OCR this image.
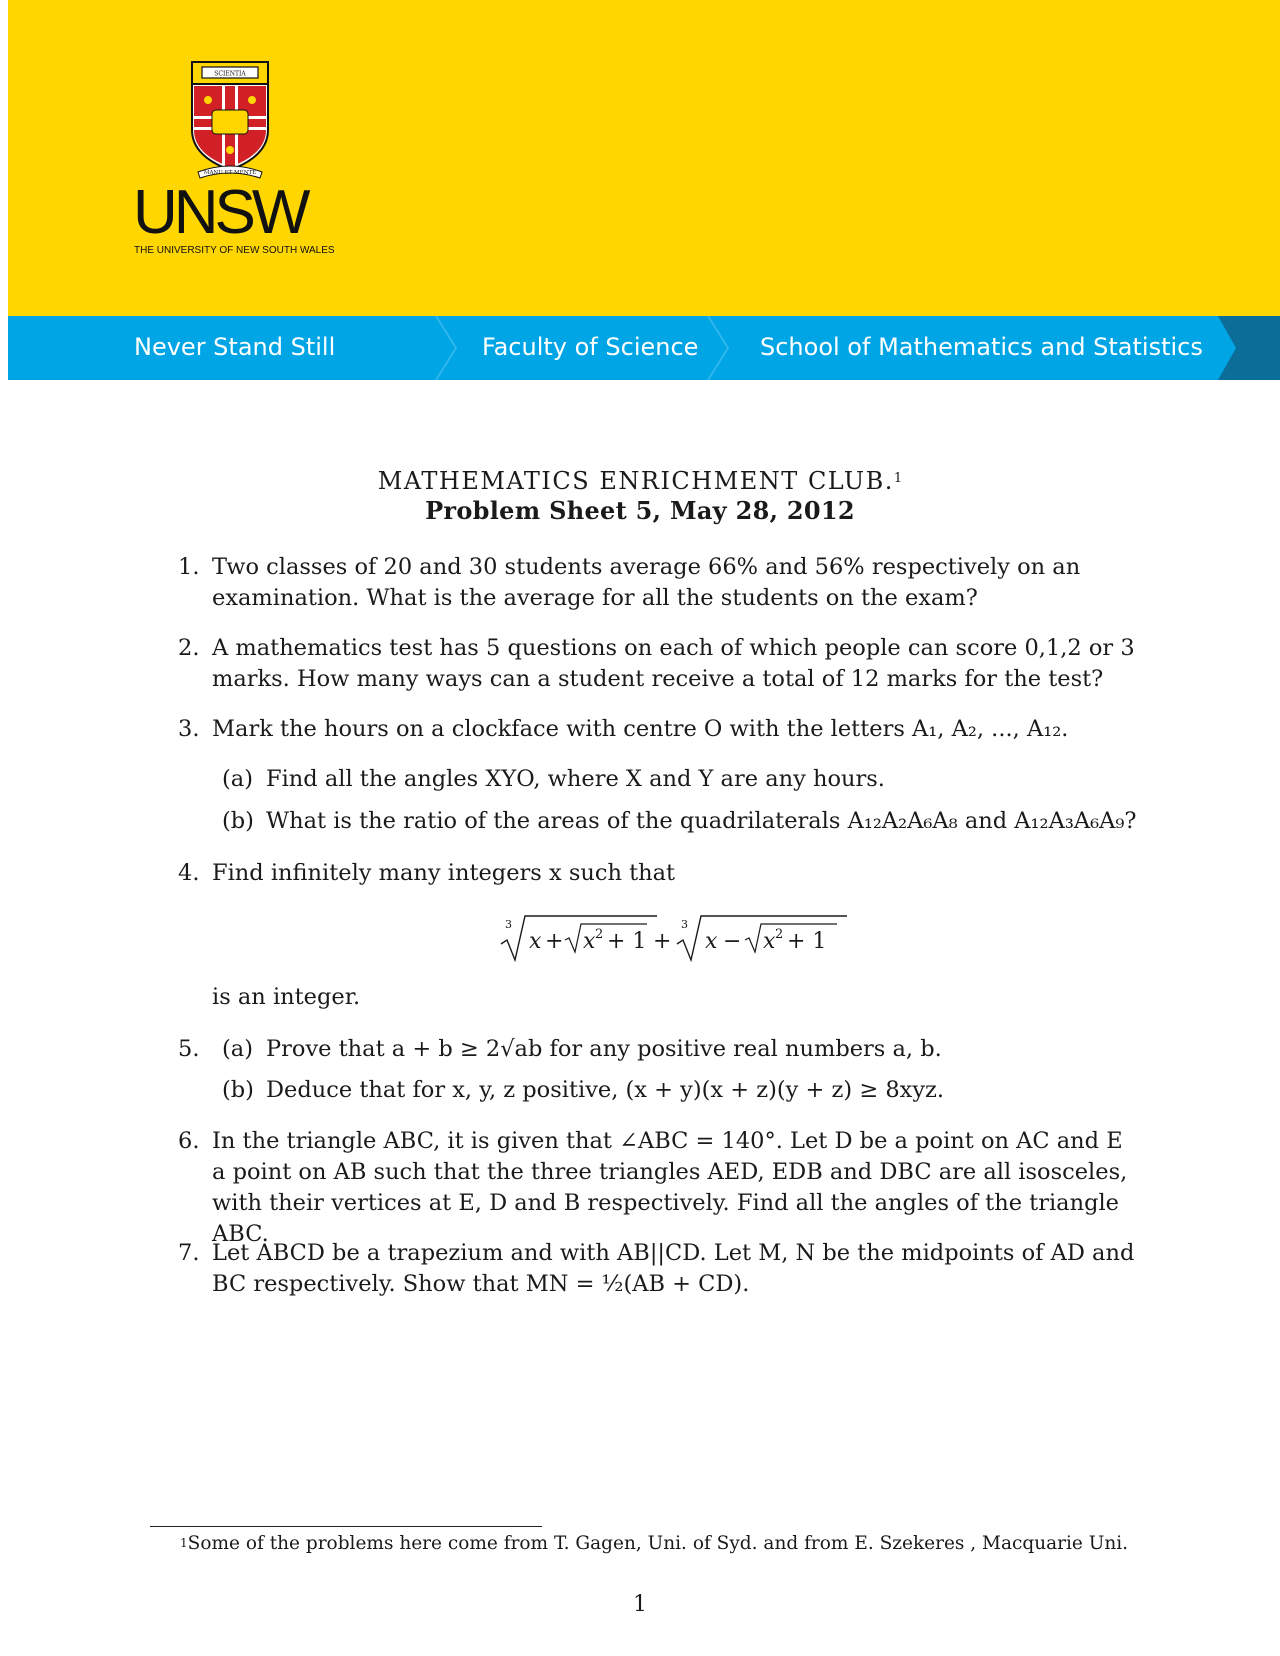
SCIENTIA
MANU ET MENTE
UNSW
THE UNIVERSITY OF NEW SOUTH WALES
Never Stand Still	Faculty of Science	School of Mathematics and Statistics
MATHEMATICS ENRICHMENT CLUB.$^1$
Problem Sheet 5, May 28, 2012
1. Two classes of 20 and 30 students average 66% and 56% respectively on an examination. What is the average for all the students on the exam?
2. A mathematics test has 5 questions on each of which people can score 0,1,2 or 3 marks. How many ways can a student receive a total of 12 marks for the test?
3. Mark the hours on a clockface with centre O with the letters A₁, A₂, ..., A₁₂.
(a) Find all the angles XYO, where X and Y are any hours.
(b) What is the ratio of the areas of the quadrilaterals A₁₂A₂A₆A₈ and A₁₂A₃A₆A₉?
4. Find infinitely many integers x such that
3
x + x 2 + 1 +
3
x − x 2 + 1
is an integer.
5. (a) Prove that a + b ≥ 2√ab for any positive real numbers a, b.
(b) Deduce that for x, y, z positive, (x + y)(x + z)(y + z) ≥ 8xyz.
6. In the triangle ABC, it is given that ∠ABC = 140°. Let D be a point on AC and E a point on AB such that the three triangles AED, EDB and DBC are all isosceles, with their vertices at E, D and B respectively. Find all the angles of the triangle ABC.
7. Let ABCD be a trapezium and with AB||CD. Let M, N be the midpoints of AD and BC respectively. Show that MN = ½(AB + CD).
$^1$Some of the problems here come from T. Gagen, Uni. of Syd. and from E. Szekeres , Macquarie Uni.
1
